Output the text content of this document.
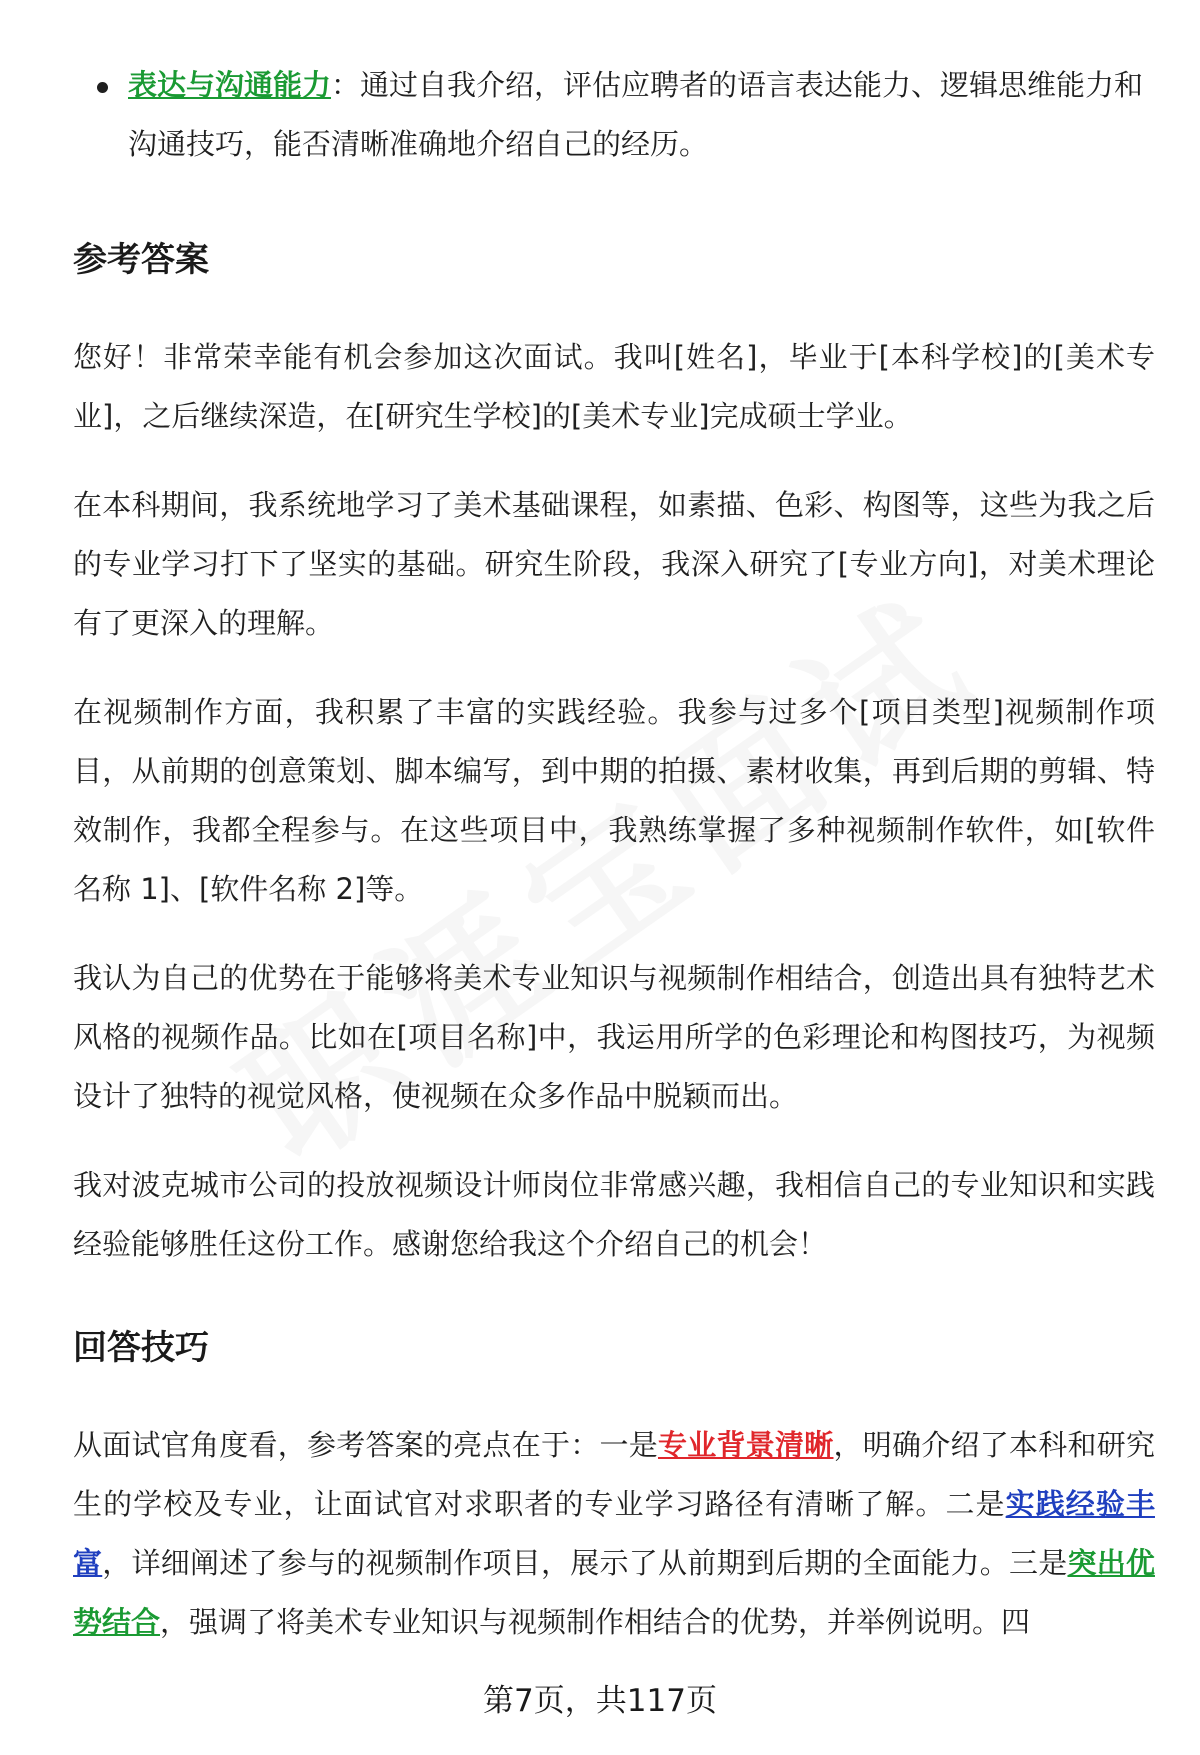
表达与沟通能力：通过自我介绍，评估应聘者的语言表达能力、逻辑思维能力和沟通技巧，能否清晰准确地介绍自己的经历。
参考答案

您好！非常荣幸能有机会参加这次面试。我叫[姓名]，毕业于[本科学校]的[美术专业]，之后继续深造，在[研究生学校]的[美术专业]完成硕士学业。

在本科期间，我系统地学习了美术基础课程，如素描、色彩、构图等，这些为我之后的专业学习打下了坚实的基础。研究生阶段，我深入研究了[专业方向]，对美术理论有了更深入的理解。

在视频制作方面，我积累了丰富的实践经验。我参与过多个[项目类型]视频制作项目，从前期的创意策划、脚本编写，到中期的拍摄、素材收集，再到后期的剪辑、特效制作，我都全程参与。在这些项目中，我熟练掌握了多种视频制作软件，如[软件名称 1]、[软件名称 2]等。

我认为自己的优势在于能够将美术专业知识与视频制作相结合，创造出具有独特艺术风格的视频作品。比如在[项目名称]中，我运用所学的色彩理论和构图技巧，为视频设计了独特的视觉风格，使视频在众多作品中脱颖而出。

我对波克城市公司的投放视频设计师岗位非常感兴趣，我相信自己的专业知识和实践经验能够胜任这份工作。感谢您给我这个介绍自己的机会！

回答技巧

从面试官角度看，参考答案的亮点在于：一是专业背景清晰，明确介绍了本科和研究生的学校及专业，让面试官对求职者的专业学习路径有清晰了解。二是实践经验丰富，详细阐述了参与的视频制作项目，展示了从前期到后期的全面能力。三是突出优势结合，强调了将美术专业知识与视频制作相结合的优势，并举例说明。四

第7页，共117页
